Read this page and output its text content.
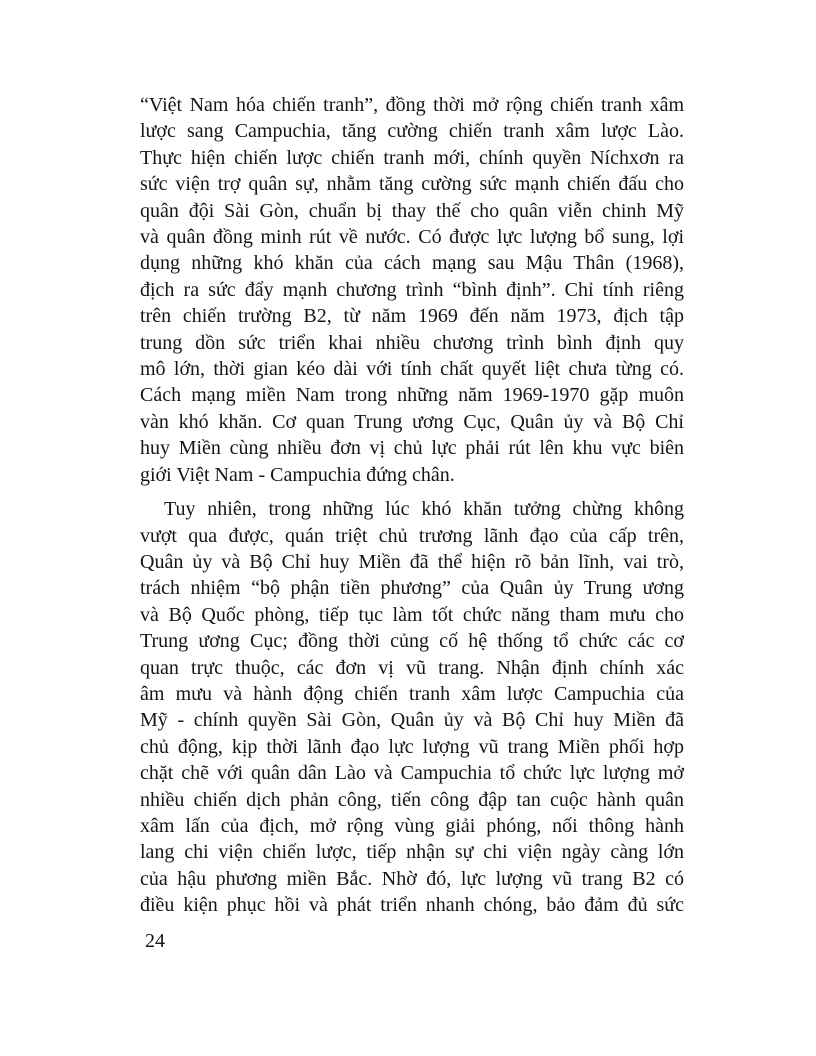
“Việt Nam hóa chiến tranh”, đồng thời mở rộng chiến tranh xâm
lược sang Campuchia, tăng cường chiến tranh xâm lược Lào.
Thực hiện chiến lược chiến tranh mới, chính quyền Níchxơn ra
sức viện trợ quân sự, nhằm tăng cường sức mạnh chiến đấu cho
quân đội Sài Gòn, chuẩn bị thay thế cho quân viễn chinh Mỹ
và quân đồng minh rút về nước. Có được lực lượng bổ sung, lợi
dụng những khó khăn của cách mạng sau Mậu Thân (1968),
địch ra sức đẩy mạnh chương trình “bình định”. Chỉ tính riêng
trên chiến trường B2, từ năm 1969 đến năm 1973, địch tập
trung dồn sức triển khai nhiều chương trình bình định quy
mô lớn, thời gian kéo dài với tính chất quyết liệt chưa từng có.
Cách mạng miền Nam trong những năm 1969-1970 gặp muôn
vàn khó khăn. Cơ quan Trung ương Cục, Quân ủy và Bộ Chỉ
huy Miền cùng nhiều đơn vị chủ lực phải rút lên khu vực biên
giới Việt Nam - Campuchia đứng chân.
Tuy nhiên, trong những lúc khó khăn tưởng chừng không
vượt qua được, quán triệt chủ trương lãnh đạo của cấp trên,
Quân ủy và Bộ Chỉ huy Miền đã thể hiện rõ bản lĩnh, vai trò,
trách nhiệm “bộ phận tiền phương” của Quân ủy Trung ương
và Bộ Quốc phòng, tiếp tục làm tốt chức năng tham mưu cho
Trung ương Cục; đồng thời củng cố hệ thống tổ chức các cơ
quan trực thuộc, các đơn vị vũ trang. Nhận định chính xác
âm mưu và hành động chiến tranh xâm lược Campuchia của
Mỹ - chính quyền Sài Gòn, Quân ủy và Bộ Chỉ huy Miền đã
chủ động, kịp thời lãnh đạo lực lượng vũ trang Miền phối hợp
chặt chẽ với quân dân Lào và Campuchia tổ chức lực lượng mở
nhiều chiến dịch phản công, tiến công đập tan cuộc hành quân
xâm lấn của địch, mở rộng vùng giải phóng, nối thông hành
lang chi viện chiến lược, tiếp nhận sự chi viện ngày càng lớn
của hậu phương miền Bắc. Nhờ đó, lực lượng vũ trang B2 có
điều kiện phục hồi và phát triển nhanh chóng, bảo đảm đủ sức
24
